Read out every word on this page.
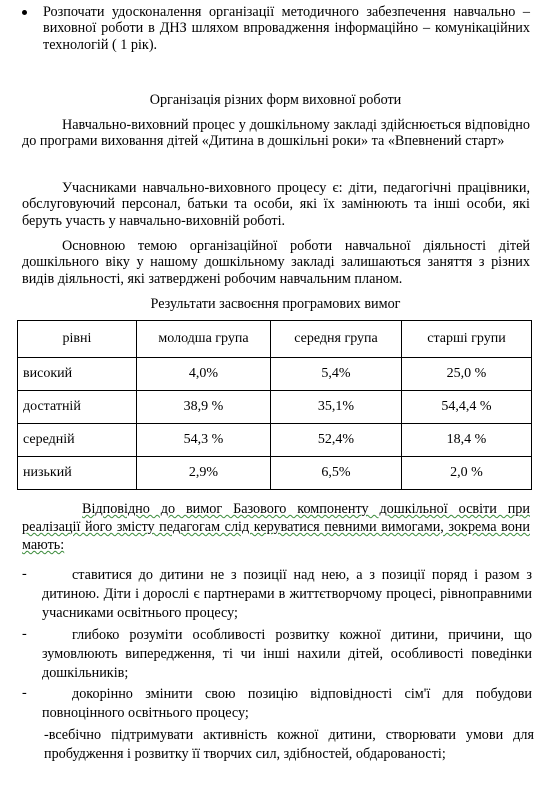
Розпочати удосконалення організації методичного забезпечення навчально – виховної роботи в ДНЗ шляхом впровадження інформаційно – комунікаційних технологій ( 1 рік).
Організація різних форм виховної роботи
Навчально-виховний процес у дошкільному закладі здійснюється відповідно до програми виховання дітей «Дитина в дошкільні роки» та «Впевнений старт»
Учасниками навчально-виховного процесу є: діти, педагогічні працівники, обслуговуючий персонал, батьки та особи, які їх замінюють та інші особи, які беруть участь у навчально-виховній роботі.
Основною темою організаційної роботи навчальної діяльності дітей дошкільного віку у нашому дошкільному закладі залишаються заняття з різних видів діяльності, які затверджені робочим навчальним планом.
Результати засвоєння програмових вимог
рівні	молодша група	середня група	старші групи
високий	4,0%	5,4%	25,0 %
достатній	38,9 %	35,1%	54,4,4 %
середній	54,3 %	52,4%	18,4 %
низький	2,9%	6,5%	2,0 %
Відповідно до вимог Базового компоненту дошкільної освіти при реалізації його змісту педагогам слід керуватися певними вимогами, зокрема вони мають:
-	ставитися до дитини не з позиції над нею, а з позиції поряд і разом з дитиною. Діти і дорослі є партнерами в життєтворчому процесі, рівноправними учасниками освітнього процесу;
-	глибоко розуміти особливості розвитку кожної дитини, причини, що зумовлюють випередження, ті чи інші нахили дітей, особливості поведінки дошкільників;
-	докорінно змінити свою позицію відповідності сім'ї для побудови повноцінного освітнього процесу;
-всебічно підтримувати активність кожної дитини, створювати умови для пробудження і розвитку її творчих сил, здібностей, обдарованості;
